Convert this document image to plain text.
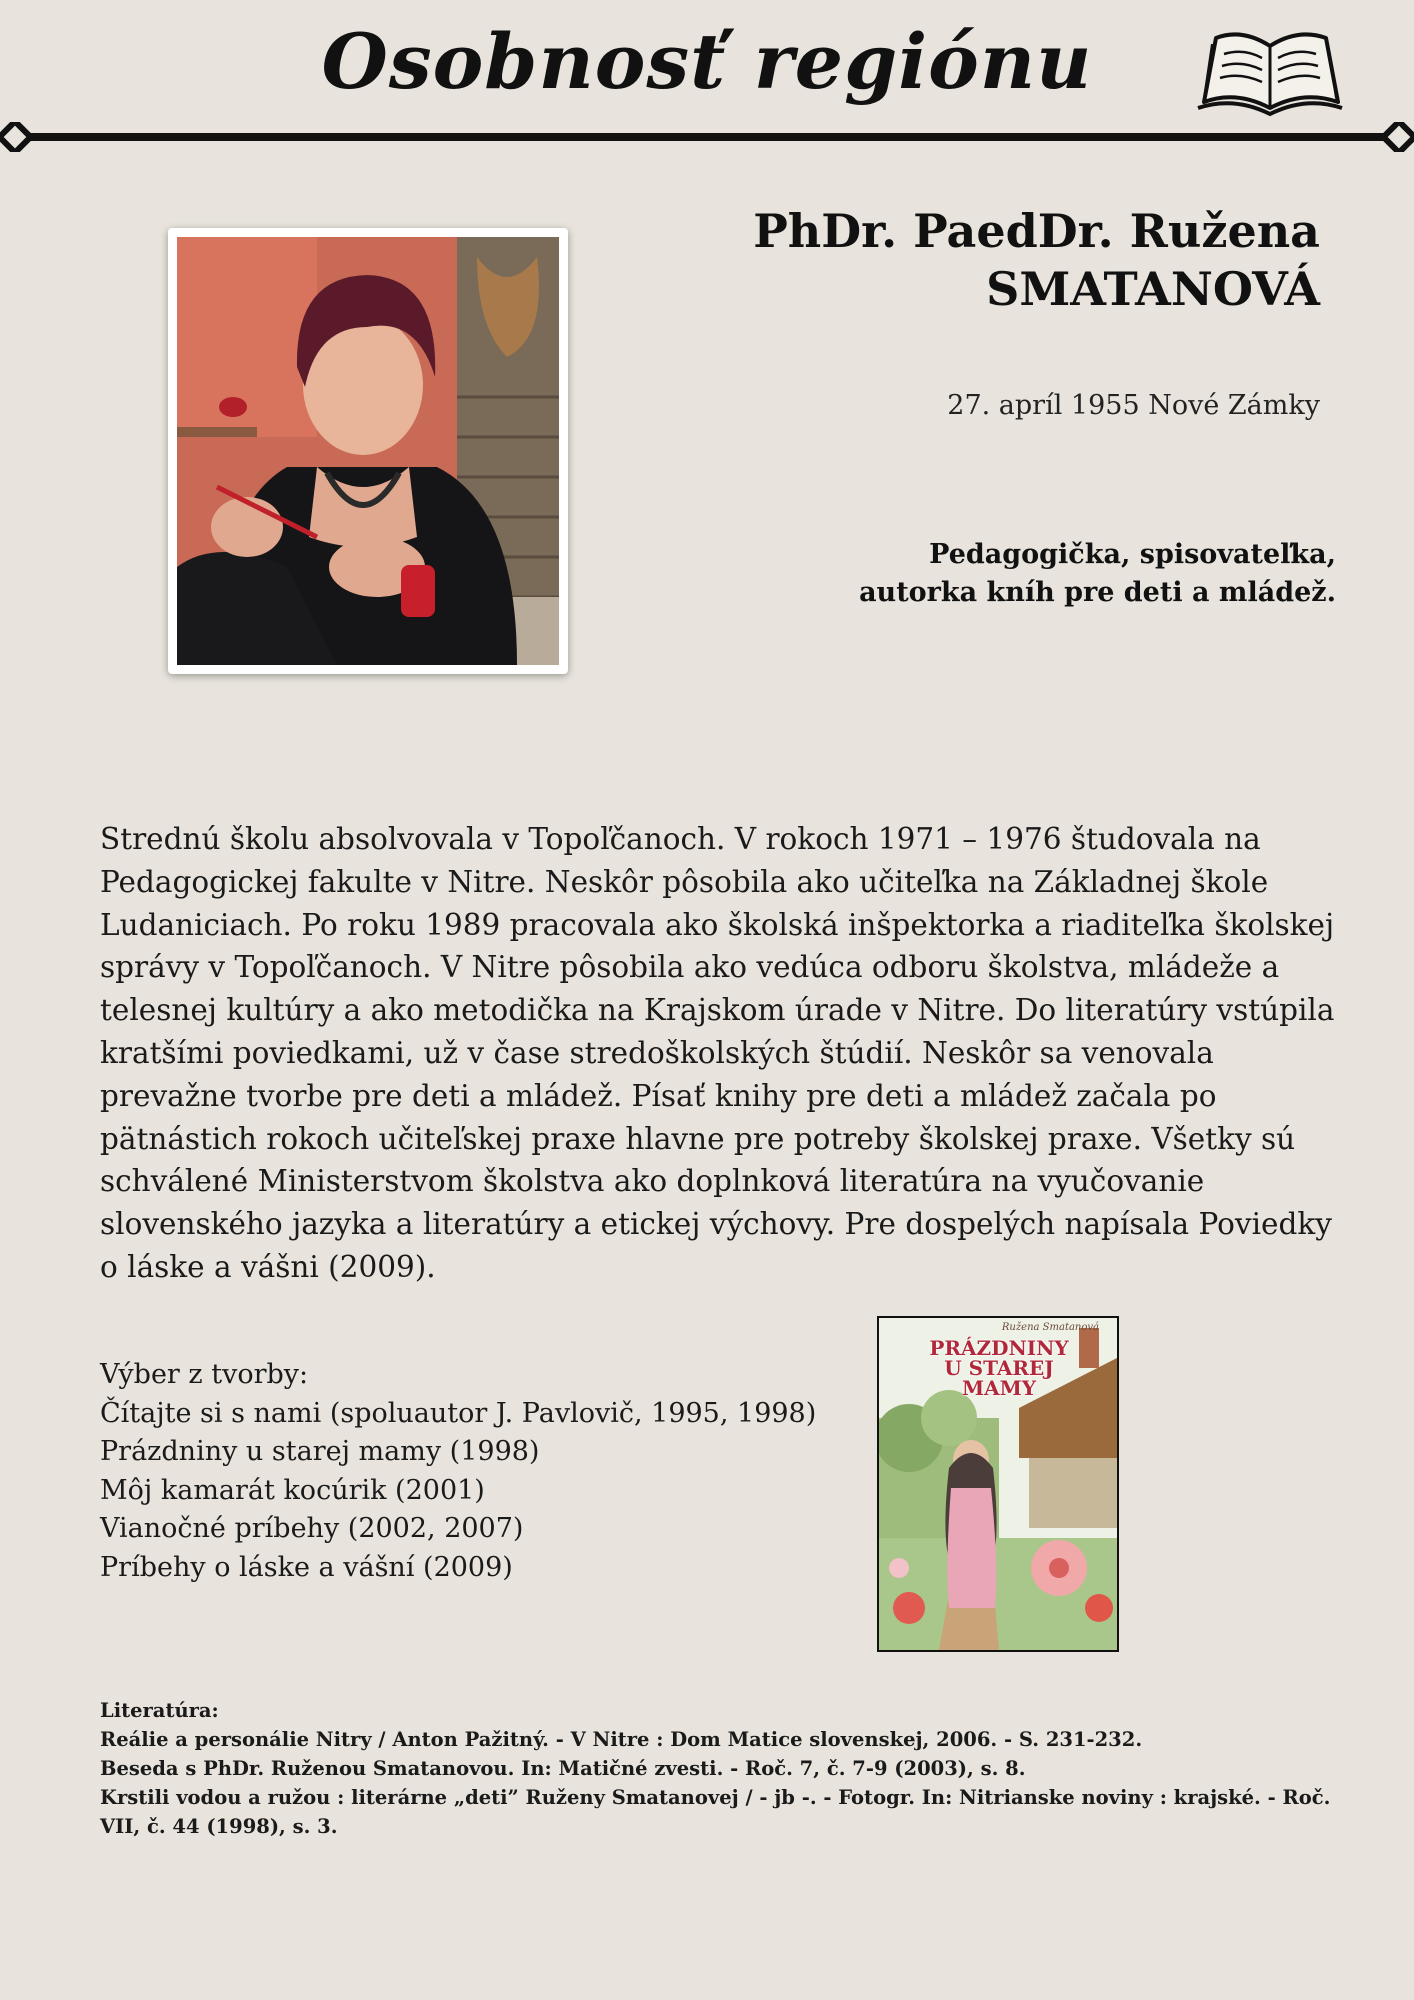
Osobnosť regiónu
PhDr. PaedDr. Ružena
SMATANOVÁ
27. apríl 1955 Nové Zámky
Pedagogička, spisovateľka,
autorka kníh pre deti a mládež.

Strednú školu absolvovala v Topoľčanoch. V rokoch 1971 – 1976 študovala na Pedagogickej fakulte v Nitre. Neskôr pôsobila ako učiteľka na Základnej škole Ludaniciach. Po roku 1989 pracovala ako školská inšpektorka a riaditeľka školskej správy v Topoľčanoch. V Nitre pôsobila ako vedúca odboru školstva, mládeže a telesnej kultúry a ako metodička na Krajskom úrade v Nitre. Do literatúry vstúpila kratšími poviedkami, už v čase stredoškolských štúdií. Neskôr sa venovala prevažne tvorbe pre deti a mládež. Písať knihy pre deti a mládež začala po pätnástich rokoch učiteľskej praxe hlavne pre potreby školskej praxe. Všetky sú schválené Ministerstvom školstva ako doplnková literatúra na vyučovanie slovenského jazyka a literatúry a etickej výchovy. Pre dospelých napísala Poviedky o láske a vášni (2009).

Výber z tvorby:
Čítajte si s nami (spoluautor J. Pavlovič, 1995, 1998)
Prázdniny u starej mamy (1998)
Môj kamarát kocúrik (2001)
Vianočné príbehy (2002, 2007)
Príbehy o láske a vášní (2009)
Ružena Smatanová
PRÁZDNINY
U STAREJ
MAMY
Literatúra:
Reálie a personálie Nitry / Anton Pažitný. - V Nitre : Dom Matice slovenskej, 2006. - S. 231-232.
Beseda s PhDr. Ruženou Smatanovou. In: Matičné zvesti. - Roč. 7, č. 7-9 (2003), s. 8.
Krstili vodou a ružou : literárne „deti” Ruženy Smatanovej / - jb -. - Fotogr. In: Nitrianske noviny : krajské. - Roč. VII, č. 44 (1998), s. 3.
